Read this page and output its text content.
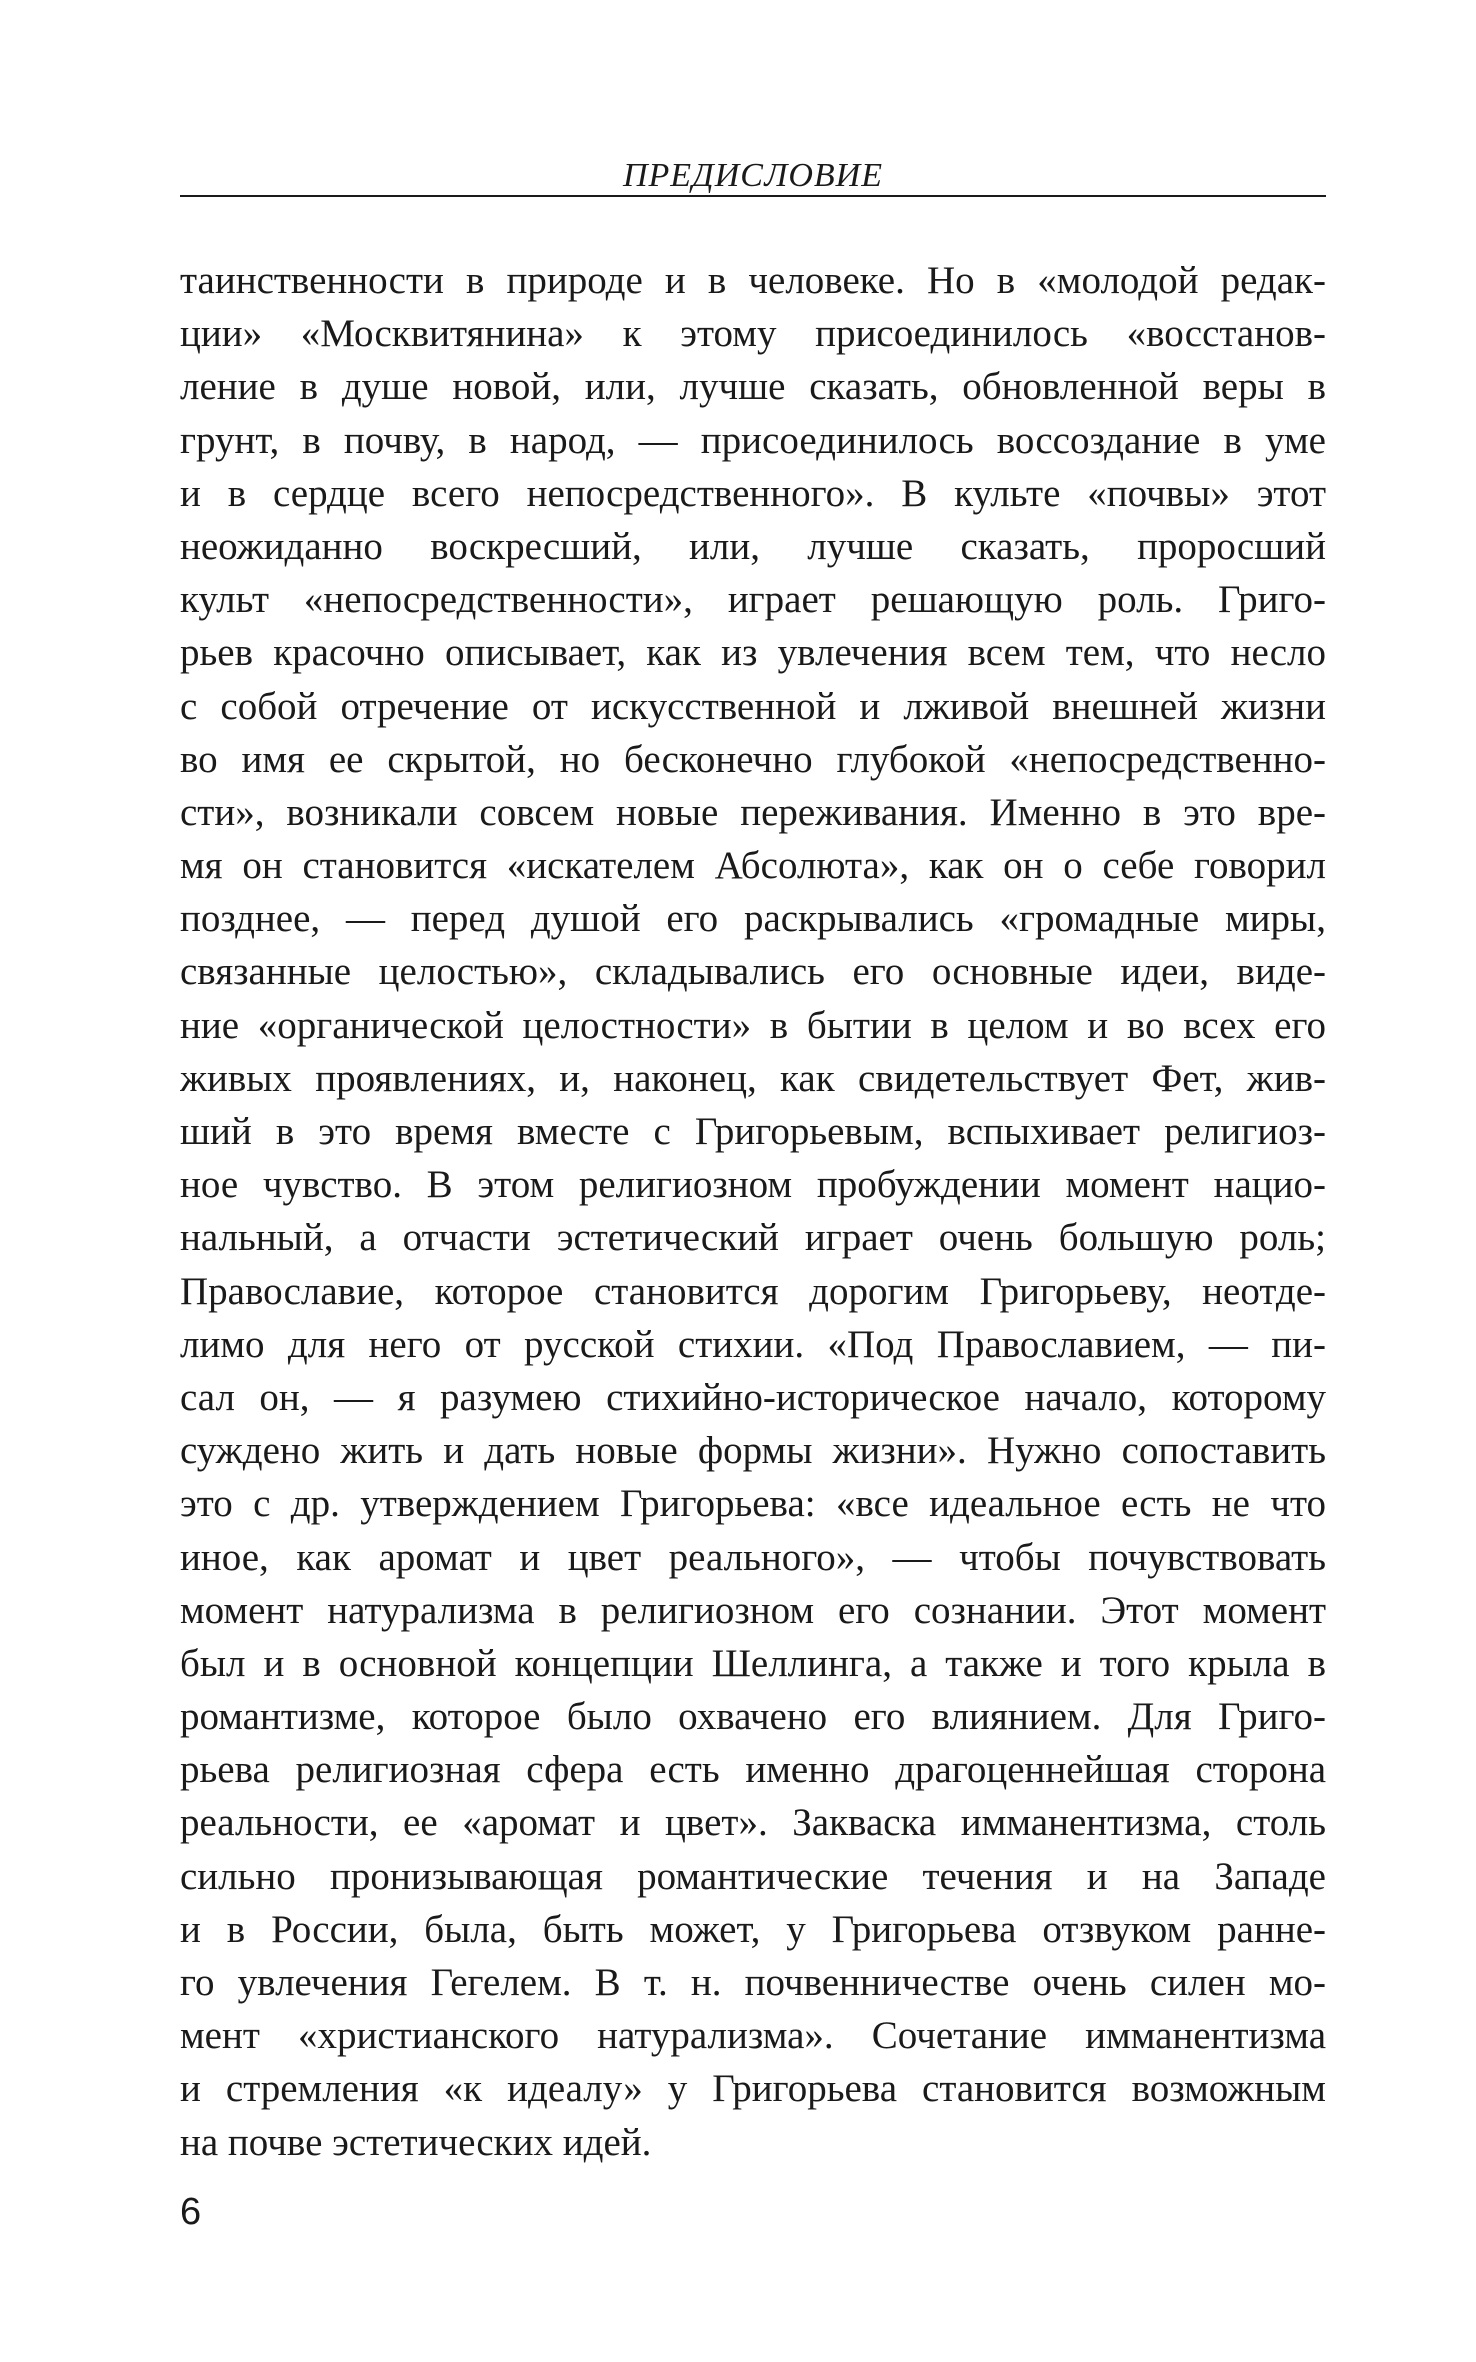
ПРЕДИСЛОВИЕ
таинственности в природе и в человеке. Но в «молодой редак-
ции» «Москвитянина» к этому присоединилось «восстанов-
ление в душе новой, или, лучше сказать, обновленной веры в
грунт, в почву, в народ, — присоединилось воссоздание в уме
и в сердце всего непосредственного». В культе «почвы» этот
неожиданно воскресший, или, лучше сказать, проросший
культ «непосредственности», играет решающую роль. Григо-
рьев красочно описывает, как из увлечения всем тем, что несло
с собой отречение от искусственной и лживой внешней жизни
во имя ее скрытой, но бесконечно глубокой «непосредственно-
сти», возникали совсем новые переживания. Именно в это вре-
мя он становится «искателем Абсолюта», как он о себе говорил
позднее, — перед душой его раскрывались «громадные миры,
связанные целостью», складывались его основные идеи, виде-
ние «органической целостности» в бытии в целом и во всех его
живых проявлениях, и, наконец, как свидетельствует Фет, жив-
ший в это время вместе с Григорьевым, вспыхивает религиоз-
ное чувство. В этом религиозном пробуждении момент нацио-
нальный, а отчасти эстетический играет очень большую роль;
Православие, которое становится дорогим Григорьеву, неотде-
лимо для него от русской стихии. «Под Православием, — пи-
сал он, — я разумею стихийно-историческое начало, которому
суждено жить и дать новые формы жизни». Нужно сопоставить
это с др. утверждением Григорьева: «все идеальное есть не что
иное, как аромат и цвет реального», — чтобы почувствовать
момент натурализма в религиозном его сознании. Этот момент
был и в основной концепции Шеллинга, а также и того крыла в
романтизме, которое было охвачено его влиянием. Для Григо-
рьева религиозная сфера есть именно драгоценнейшая сторона
реальности, ее «аромат и цвет». Закваска имманентизма, столь
сильно пронизывающая романтические течения и на Западе
и в России, была, быть может, у Григорьева отзвуком ранне-
го увлечения Гегелем. В т. н. почвенничестве очень силен мо-
мент «христианского натурализма». Сочетание имманентизма
и стремления «к идеалу» у Григорьева становится возможным
на почве эстетических идей.
6
